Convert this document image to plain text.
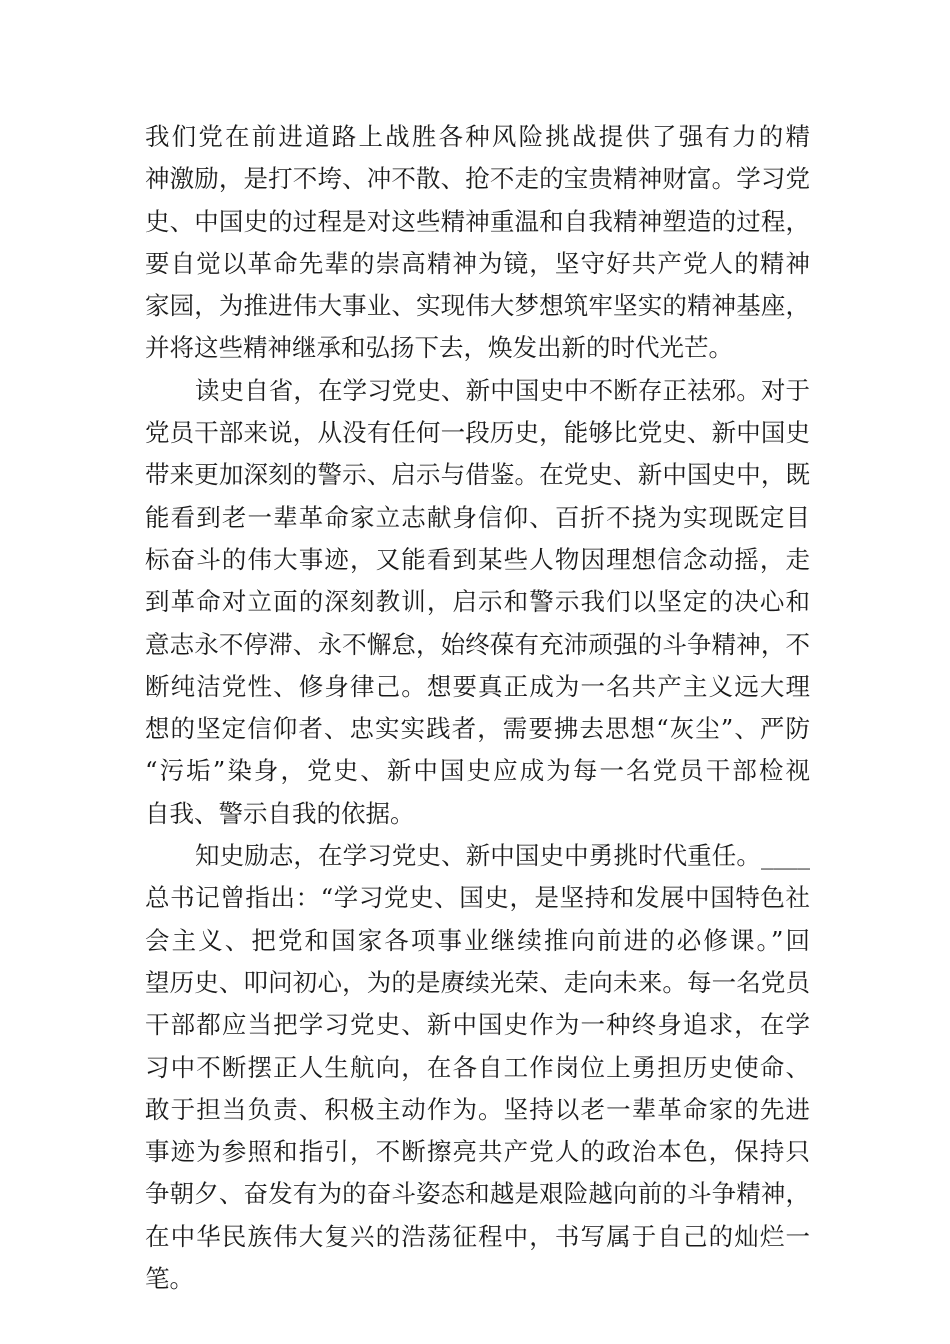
我们党在前进道路上战胜各种风险挑战提供了强有力的精
神激励，是打不垮、冲不散、抢不走的宝贵精神财富。学习党
史、中国史的过程是对这些精神重温和自我精神塑造的过程，
要自觉以革命先辈的崇高精神为镜，坚守好共产党人的精神
家园，为推进伟大事业、实现伟大梦想筑牢坚实的精神基座，
并将这些精神继承和弘扬下去，焕发出新的时代光芒。
读史自省，在学习党史、新中国史中不断存正祛邪。对于
党员干部来说，从没有任何一段历史，能够比党史、新中国史
带来更加深刻的警示、启示与借鉴。在党史、新中国史中，既
能看到老一辈革命家立志献身信仰、百折不挠为实现既定目
标奋斗的伟大事迹，又能看到某些人物因理想信念动摇，走
到革命对立面的深刻教训，启示和警示我们以坚定的决心和
意志永不停滞、永不懈怠，始终葆有充沛顽强的斗争精神，不
断纯洁党性、修身律己。想要真正成为一名共产主义远大理
想的坚定信仰者、忠实实践者，需要拂去思想“灰尘”、严防
“污垢”染身，党史、新中国史应成为每一名党员干部检视
自我、警示自我的依据。
知史励志，在学习党史、新中国史中勇挑时代重任。____
总书记曾指出：“学习党史、国史，是坚持和发展中国特色社
会主义、把党和国家各项事业继续推向前进的必修课。”回
望历史、叩问初心，为的是赓续光荣、走向未来。每一名党员
干部都应当把学习党史、新中国史作为一种终身追求，在学
习中不断摆正人生航向，在各自工作岗位上勇担历史使命、
敢于担当负责、积极主动作为。坚持以老一辈革命家的先进
事迹为参照和指引，不断擦亮共产党人的政治本色，保持只
争朝夕、奋发有为的奋斗姿态和越是艰险越向前的斗争精神，
在中华民族伟大复兴的浩荡征程中，书写属于自己的灿烂一
笔。
